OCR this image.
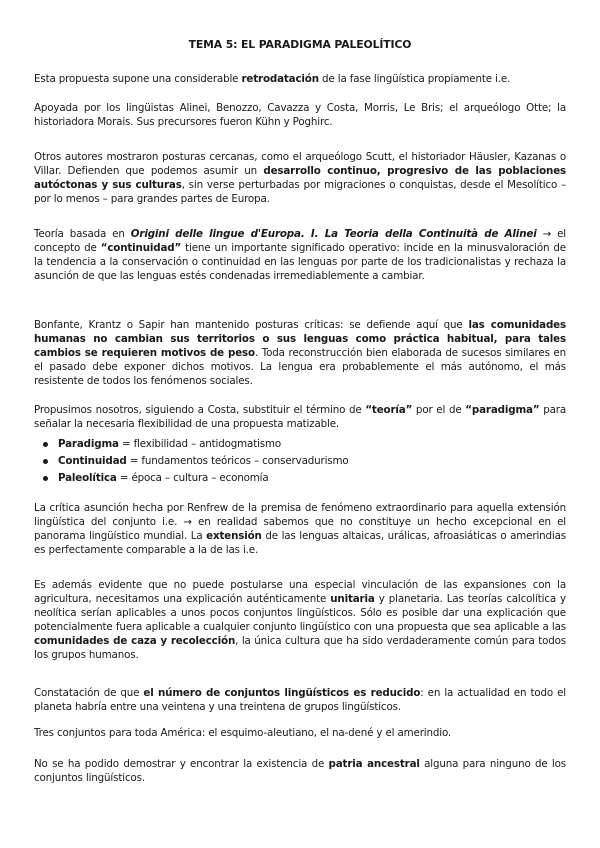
TEMA 5: EL PARADIGMA PALEOLÍTICO
Esta propuesta supone una considerable retrodatación de la fase lingüística propiamente i.e.
Apoyada por los lingüistas Alinei, Benozzo, Cavazza y Costa, Morris, Le Bris; el arqueólogo Otte; la historiadora Morais. Sus precursores fueron Kühn y Poghirc.
Otros autores mostraron posturas cercanas, como el arqueólogo Scutt, el historiador Häusler, Kazanas o Villar. Defienden que podemos asumir un desarrollo continuo, progresivo de las poblaciones autóctonas y sus culturas, sin verse perturbadas por migraciones o conquistas, desde el Mesolítico – por lo menos – para grandes partes de Europa.
Teoría basada en Origini delle lingue d'Europa. I. La Teoria della Continuità de Alinei → el concepto de “continuidad” tiene un importante significado operativo: incide en la minusvaloración de la tendencia a la conservación o continuidad en las lenguas por parte de los tradicionalistas y rechaza la asunción de que las lenguas estés condenadas irremediablemente a cambiar.
Bonfante, Krantz o Sapir han mantenido posturas críticas: se defiende aquí que las comunidades humanas no cambian sus territorios o sus lenguas como práctica habitual, para tales cambios se requieren motivos de peso. Toda reconstrucción bien elaborada de sucesos similares en el pasado debe exponer dichos motivos. La lengua era probablemente el más autónomo, el más resistente de todos los fenómenos sociales.
Propusimos nosotros, siguiendo a Costa, substituir el término de “teoría” por el de “paradigma” para señalar la necesaria flexibilidad de una propuesta matizable.
Paradigma = flexibilidad – antidogmatismo
Continuidad = fundamentos teóricos – conservadurismo
Paleolítica = época – cultura – economía
La crítica asunción hecha por Renfrew de la premisa de fenómeno extraordinario para aquella extensión lingüística del conjunto i.e. → en realidad sabemos que no constituye un hecho excepcional en el panorama lingüístico mundial. La extensión de las lenguas altaicas, urálicas, afroasiáticas o amerindias es perfectamente comparable a la de las i.e.
Es además evidente que no puede postularse una especial vinculación de las expansiones con la agricultura, necesitamos una explicación auténticamente unitaria y planetaria. Las teorías calcolítica y neolítica serían aplicables a unos pocos conjuntos lingüísticos. Sólo es posible dar una explicación que potencialmente fuera aplicable a cualquier conjunto lingüístico con una propuesta que sea aplicable a las comunidades de caza y recolección, la única cultura que ha sido verdaderamente común para todos los grupos humanos.
Constatación de que el número de conjuntos lingüísticos es reducido: en la actualidad en todo el planeta habría entre una veintena y una treintena de grupos lingüísticos.
Tres conjuntos para toda América: el esquimo-aleutiano, el na-dené y el amerindio.
No se ha podido demostrar y encontrar la existencia de patria ancestral alguna para ninguno de los conjuntos lingüísticos.
